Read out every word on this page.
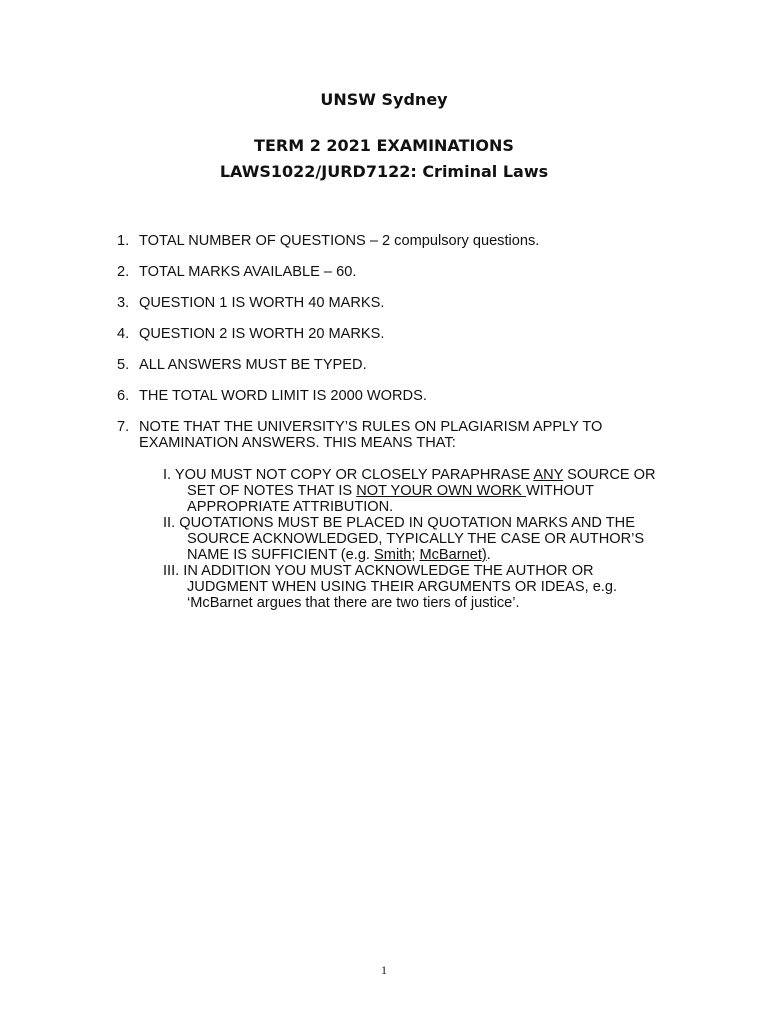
UNSW Sydney
TERM 2 2021 EXAMINATIONS
LAWS1022/JURD7122: Criminal Laws
1. TOTAL NUMBER OF QUESTIONS – 2 compulsory questions.
2. TOTAL MARKS AVAILABLE – 60.
3. QUESTION 1 IS WORTH 40 MARKS.
4. QUESTION 2 IS WORTH 20 MARKS.
5. ALL ANSWERS MUST BE TYPED.
6. THE TOTAL WORD LIMIT IS 2000 WORDS.
7. NOTE THAT THE UNIVERSITY’S RULES ON PLAGIARISM APPLY TO EXAMINATION ANSWERS. THIS MEANS THAT:
I. YOU MUST NOT COPY OR CLOSELY PARAPHRASE ANY SOURCE OR SET OF NOTES THAT IS NOT YOUR OWN WORK WITHOUT APPROPRIATE ATTRIBUTION.
II. QUOTATIONS MUST BE PLACED IN QUOTATION MARKS AND THE SOURCE ACKNOWLEDGED, TYPICALLY THE CASE OR AUTHOR’S NAME IS SUFFICIENT (e.g. Smith; McBarnet).
III. IN ADDITION YOU MUST ACKNOWLEDGE THE AUTHOR OR JUDGMENT WHEN USING THEIR ARGUMENTS OR IDEAS, e.g. ‘McBarnet argues that there are two tiers of justice’.
1
